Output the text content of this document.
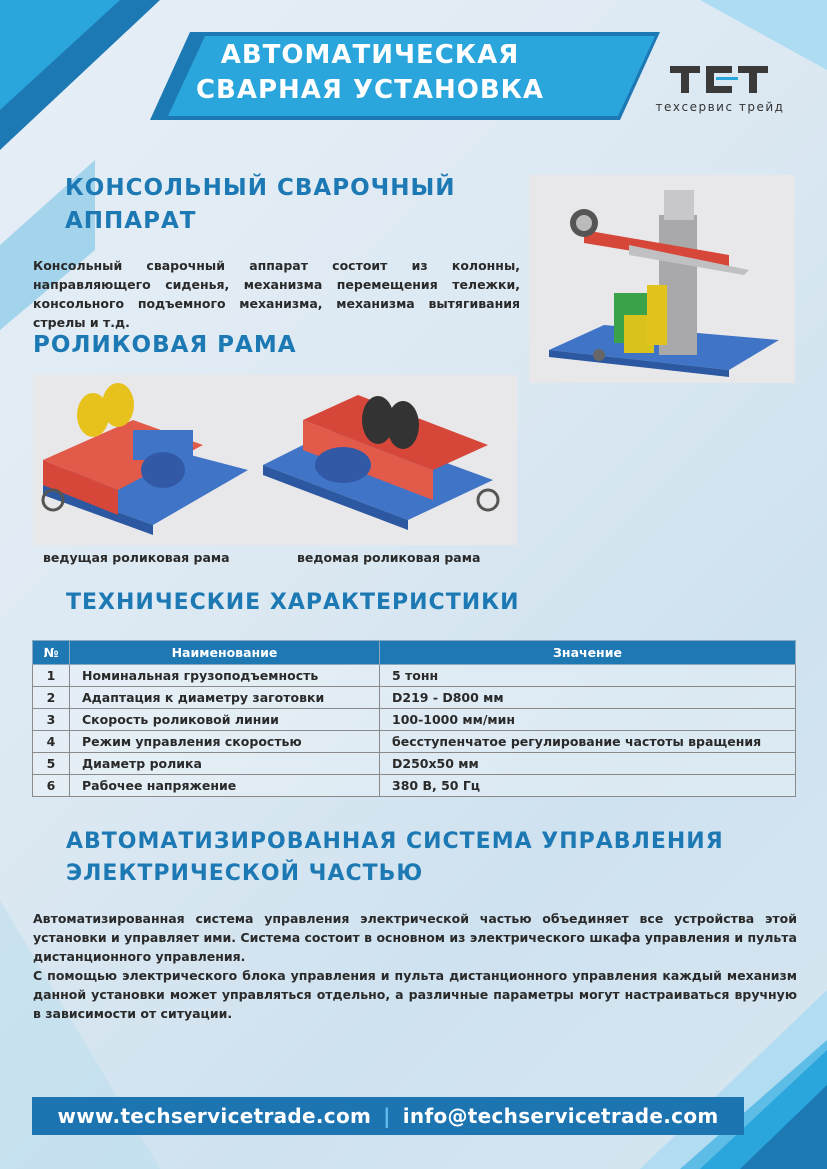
АВТОМАТИЧЕСКАЯ
СВАРНАЯ УСТАНОВКА
техсервис трейд
КОНСОЛЬНЫЙ СВАРОЧНЫЙ
АППАРАТ
Консольный сварочный аппарат состоит из колонны, направляющего сиденья, механизма перемещения тележки, консольного подъемного механизма, механизма вытягивания стрелы и т.д.
РОЛИКОВАЯ РАМА
ведущая роликовая рама	ведомая роликовая рама
ТЕХНИЧЕСКИЕ ХАРАКТЕРИСТИКИ
№	Наименование	Значение
1	Номинальная грузоподъемность	5 тонн
2	Адаптация к диаметру заготовки	D219 - D800 мм
3	Скорость роликовой линии	100-1000 мм/мин
4	Режим управления скоростью	бесступенчатое регулирование частоты вращения
5	Диаметр ролика	D250x50 мм
6	Рабочее напряжение	380 В, 50 Гц
АВТОМАТИЗИРОВАННАЯ СИСТЕМА УПРАВЛЕНИЯ
ЭЛЕКТРИЧЕСКОЙ ЧАСТЬЮ
Автоматизированная система управления электрической частью объединяет все устройства этой установки и управляет ими. Система состоит в основном из электрического шкафа управления и пульта дистанционного управления.
С помощью электрического блока управления и пульта дистанционного управления каждый механизм данной установки может управляться отдельно, а различные параметры могут настраиваться вручную в зависимости от ситуации.
www.techservicetrade.com | info@techservicetrade.com
